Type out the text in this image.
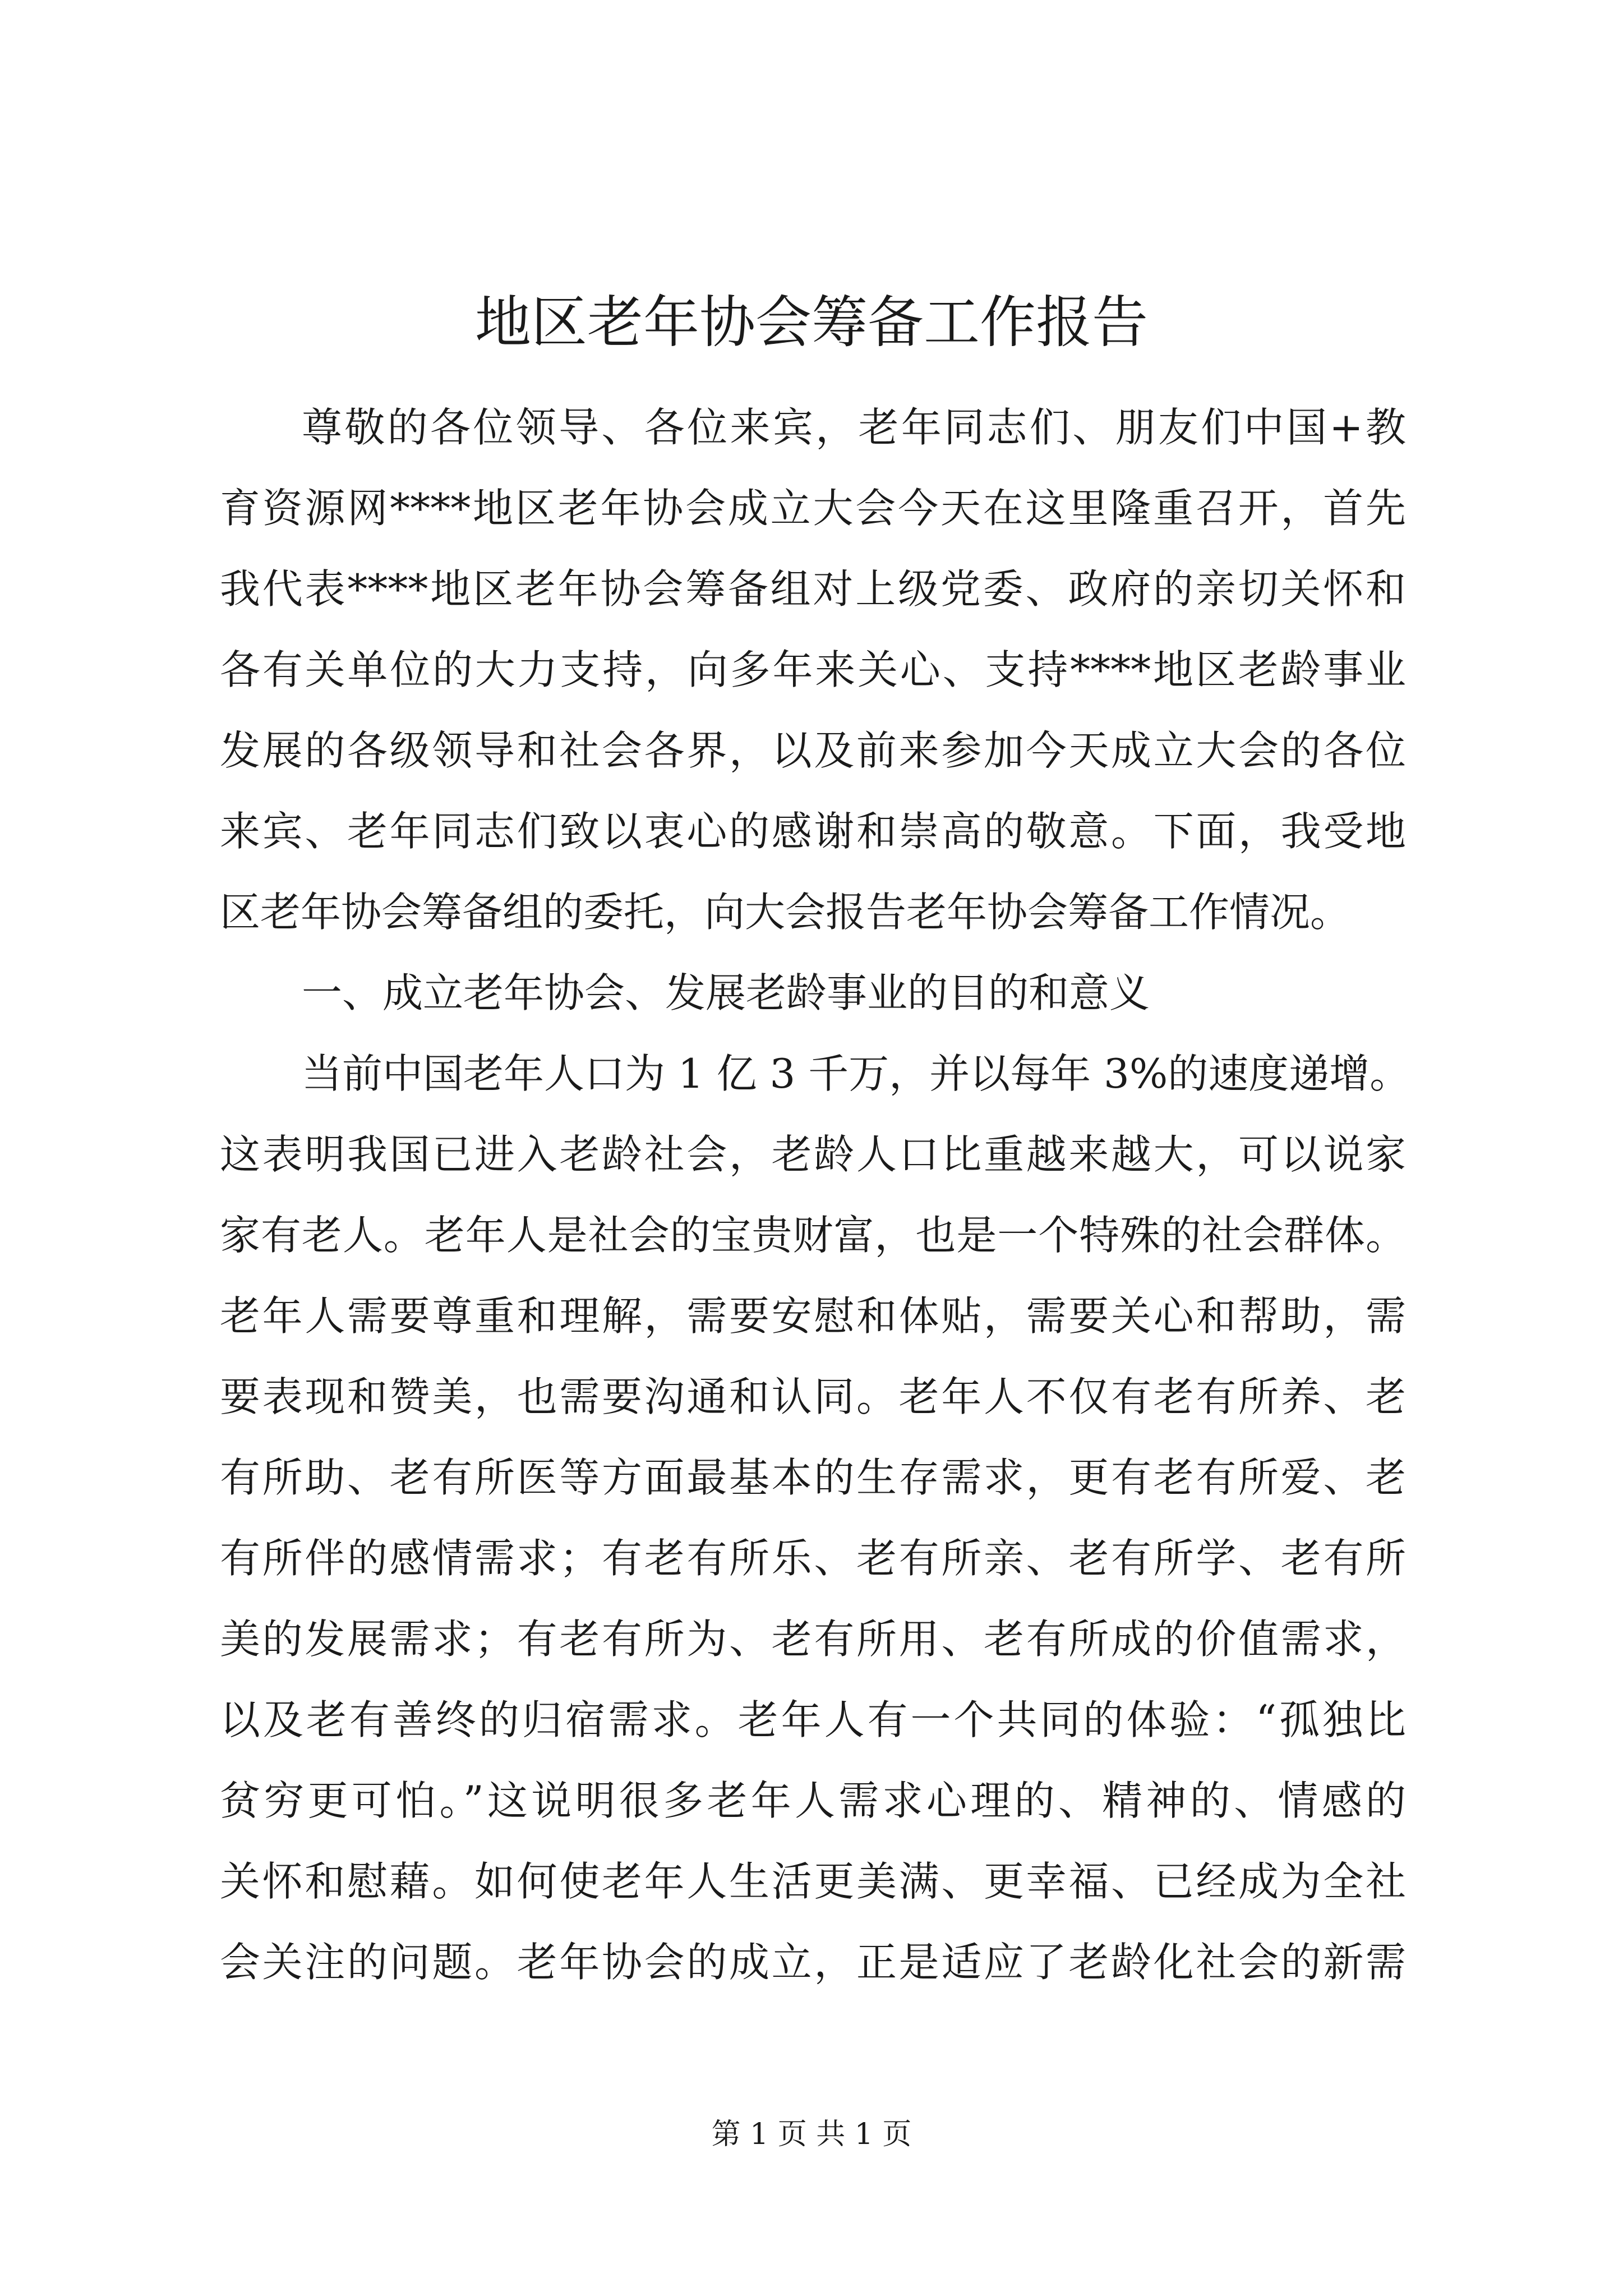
地区老年协会筹备工作报告
尊敬的各位领导、各位来宾，老年同志们、朋友们中国+教
育资源网****地区老年协会成立大会今天在这里隆重召开，首先
我代表****地区老年协会筹备组对上级党委、政府的亲切关怀和
各有关单位的大力支持，向多年来关心、支持****地区老龄事业
发展的各级领导和社会各界，以及前来参加今天成立大会的各位
来宾、老年同志们致以衷心的感谢和崇高的敬意。下面，我受地
区老年协会筹备组的委托，向大会报告老年协会筹备工作情况。
一、成立老年协会、发展老龄事业的目的和意义
当前中国老年人口为 1 亿 3 千万，并以每年 3%的速度递增。
这表明我国已进入老龄社会，老龄人口比重越来越大，可以说家
家有老人。老年人是社会的宝贵财富，也是一个特殊的社会群体。
老年人需要尊重和理解，需要安慰和体贴，需要关心和帮助，需
要表现和赞美，也需要沟通和认同。老年人不仅有老有所养、老
有所助、老有所医等方面最基本的生存需求，更有老有所爱、老
有所伴的感情需求；有老有所乐、老有所亲、老有所学、老有所
美的发展需求；有老有所为、老有所用、老有所成的价值需求，
以及老有善终的归宿需求。老年人有一个共同的体验：“孤独比
贫穷更可怕。”这说明很多老年人需求心理的、精神的、情感的
关怀和慰藉。如何使老年人生活更美满、更幸福、已经成为全社
会关注的问题。老年协会的成立，正是适应了老龄化社会的新需
第 1 页 共 1 页
